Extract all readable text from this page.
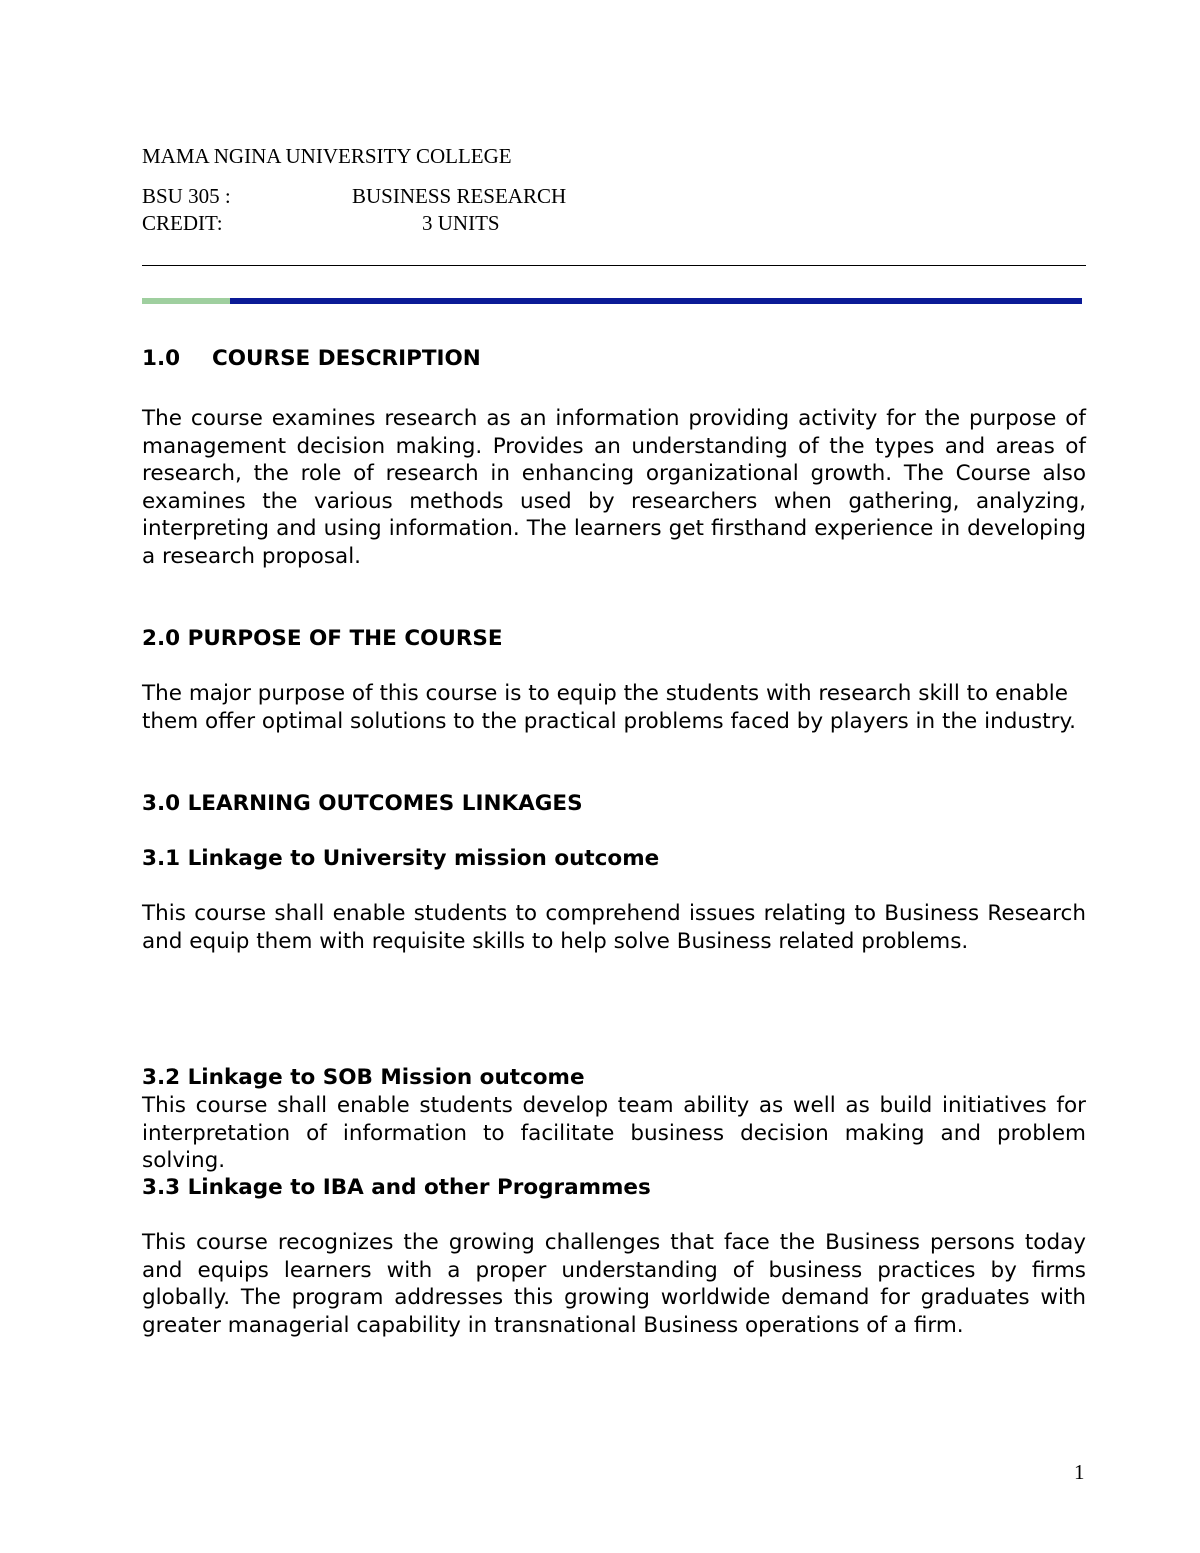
MAMA NGINA UNIVERSITY COLLEGE
BSU 305 :	BUSINESS RESEARCH
CREDIT:	3 UNITS
1.0 COURSE DESCRIPTION

The course examines research as an information providing activity for the purpose of management decision making. Provides an understanding of the types and areas of research, the role of research in enhancing organizational growth. The Course also examines the various methods used by researchers when gathering, analyzing, interpreting and using information. The learners get firsthand experience in developing a research proposal.

2.0 PURPOSE OF THE COURSE

The major purpose of this course is to equip the students with research skill to enable them offer optimal solutions to the practical problems faced by players in the industry.

3.0 LEARNING OUTCOMES LINKAGES
3.1 Linkage to University mission outcome

This course shall enable students to comprehend issues relating to Business Research and equip them with requisite skills to help solve Business related problems.

3.2 Linkage to SOB Mission outcome

This course shall enable students develop team ability as well as build initiatives for interpretation of information to facilitate business decision making and problem solving.

3.3 Linkage to IBA and other Programmes

This course recognizes the growing challenges that face the Business persons today and equips learners with a proper understanding of business practices by firms globally. The program addresses this growing worldwide demand for graduates with greater managerial capability in transnational Business operations of a firm.

1
